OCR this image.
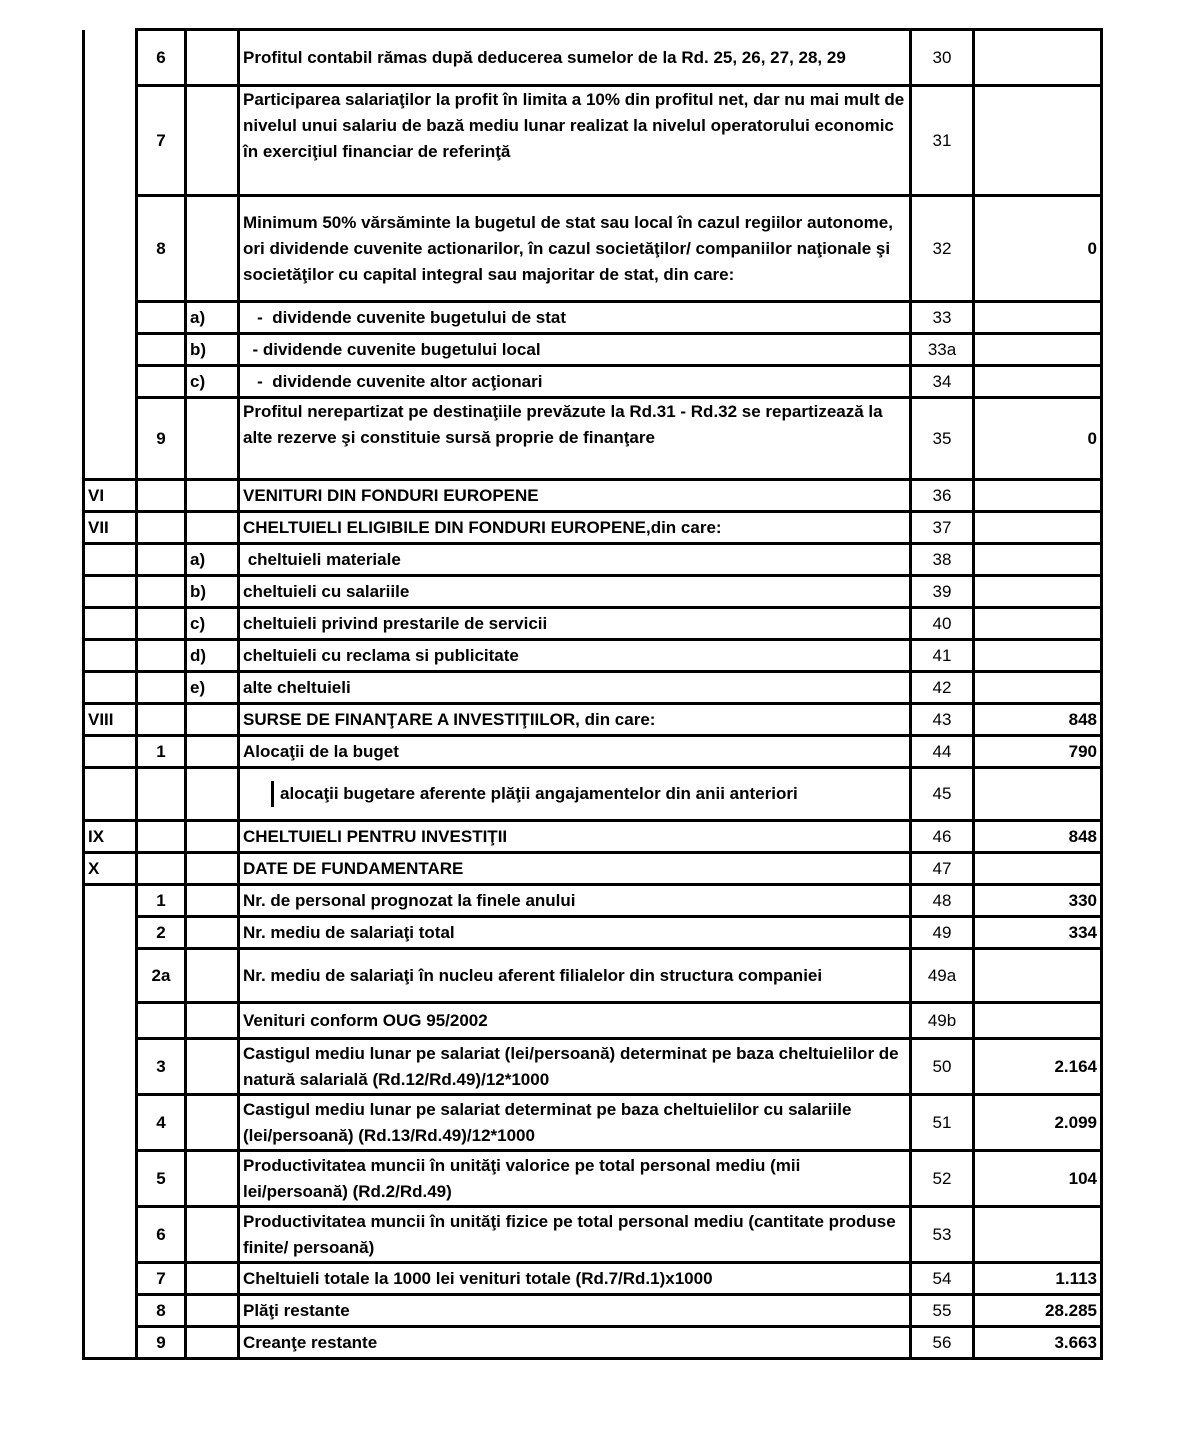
	6		Profitul contabil rămas după deducerea sumelor de la Rd. 25, 26, 27, 28, 29	30	
	7		Participarea salariaţilor la profit în limita a 10% din profitul net, dar nu mai mult de nivelul unui salariu de bază mediu lunar realizat la nivelul operatorului economic în exerciţiul financiar de referinţă	31	
	8		Minimum 50% vărsăminte la bugetul de stat sau local în cazul regiilor autonome, ori dividende cuvenite actionarilor, în cazul societăţilor/ companiilor naţionale şi societăţilor cu capital integral sau majoritar de stat, din care:	32	0
		a)	-  dividende cuvenite bugetului de stat	33	
		b)	- dividende cuvenite bugetului local	33a	
		c)	-  dividende cuvenite altor acţionari	34	
	9		Profitul nerepartizat pe destinaţiile prevăzute la Rd.31 - Rd.32 se repartizează la alte rezerve şi constituie sursă proprie de finanţare	35	0
VI			VENITURI DIN FONDURI EUROPENE	36	
VII			CHELTUIELI ELIGIBILE DIN FONDURI EUROPENE,din care:	37	
		a)	cheltuieli materiale	38	
		b)	cheltuieli cu salariile	39	
		c)	cheltuieli privind prestarile de servicii	40	
		d)	cheltuieli cu reclama si publicitate	41	
		e)	alte cheltuieli	42	
VIII			SURSE DE FINANŢARE A INVESTIŢIILOR, din care:	43	848
	1		Alocaţii de la buget	44	790

			alocaţii bugetare aferente plăţii angajamentelor din anii anteriori	45	
IX			CHELTUIELI PENTRU INVESTIŢII	46	848
X			DATE DE FUNDAMENTARE	47	
	1		Nr. de personal prognozat la finele anului	48	330
	2		Nr. mediu de salariaţi total	49	334
	2a		Nr. mediu de salariaţi în nucleu aferent filialelor din structura companiei	49a	
			Venituri conform OUG 95/2002	49b	
	3		Castigul mediu lunar pe salariat (lei/persoană) determinat pe baza cheltuielilor de natură salarială (Rd.12/Rd.49)/12*1000	50	2.164
	4		Castigul mediu lunar pe salariat determinat pe baza cheltuielilor cu salariile (lei/persoană) (Rd.13/Rd.49)/12*1000	51	2.099
	5		Productivitatea muncii în unităţi valorice pe total personal mediu (mii lei/persoană) (Rd.2/Rd.49)	52	104
	6		Productivitatea muncii în unităţi fizice pe total personal mediu (cantitate produse finite/ persoană)	53	
	7		Cheltuieli totale la 1000 lei venituri totale (Rd.7/Rd.1)x1000	54	1.113
	8		Plăţi restante	55	28.285
	9		Creanţe restante	56	3.663
